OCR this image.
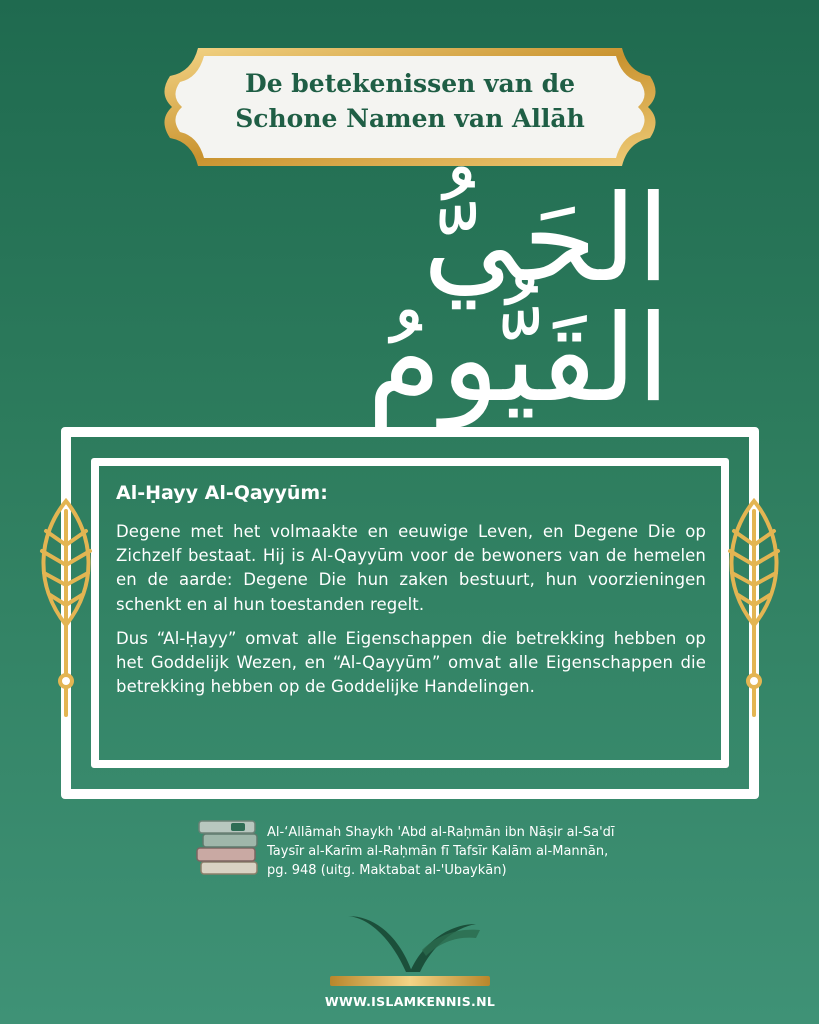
De betekenissen van de
Schone Namen van Allāh
الحَيُّ القَيُّومُ
Al-Ḥayy Al-Qayyūm:

Degene met het volmaakte en eeuwige Leven, en Degene Die op Zichzelf bestaat. Hij is Al-Qayyūm voor de bewoners van de hemelen en de aarde: Degene Die hun zaken bestuurt, hun voorzieningen schenkt en al hun toestanden regelt.

Dus “Al-Ḥayy” omvat alle Eigenschappen die betrekking hebben op het Goddelijk Wezen, en “Al-Qayyūm” omvat alle Eigenschappen die betrekking hebben op de Goddelijke Handelingen.

Al-‘Allāmah Shaykh 'Abd al-Raḥmān ibn Nāṣir al-Sa'dī
Taysīr al-Karīm al-Raḥmān fī Tafsīr Kalām al-Mannān,
pg. 948 (uitg. Maktabat al-'Ubaykān)
WWW.ISLAMKENNIS.NL
